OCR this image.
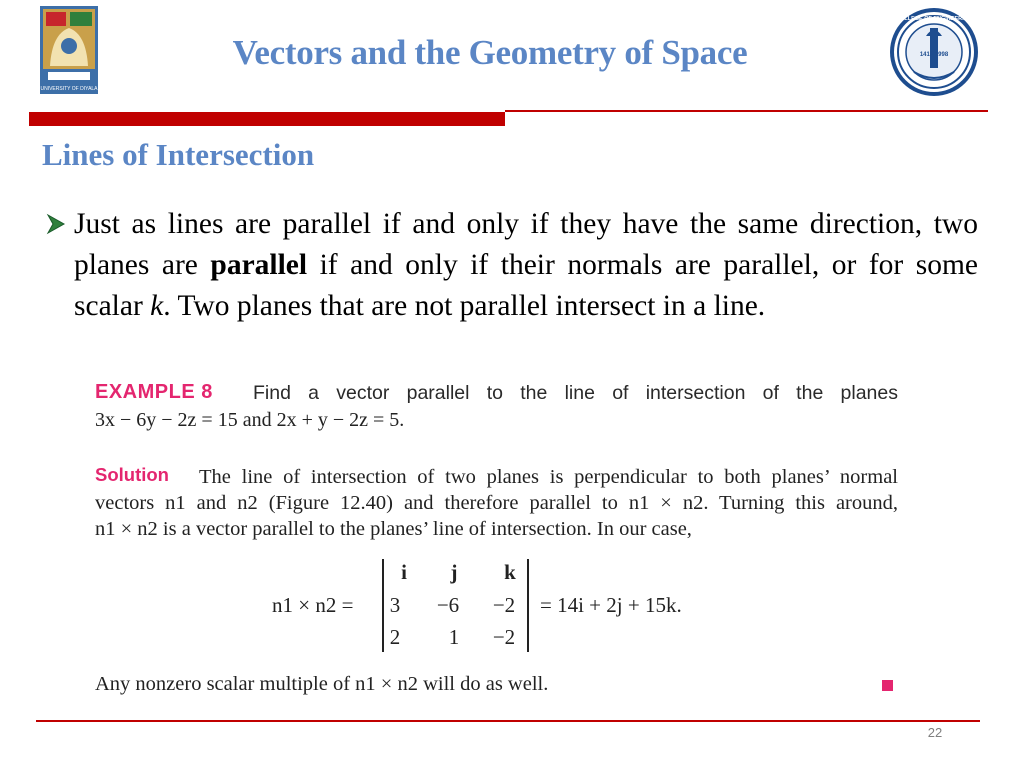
UNIVERSITY OF DIYALA
Vectors and the Geometry of Space	1419 1998
COLLEGE OF ENGINEERING
Lines of Intersection
Just as lines are parallel if and only if they have the same direction, two planes are parallel if and only if their normals are parallel, or for some scalar k. Two planes that are not parallel intersect in a line.
EXAMPLE 8 Find a vector parallel to the line of intersection of the planes
3x − 6y − 2z = 15 and 2x + y − 2z = 5.
Solution	The line of intersection of two planes is perpendicular to both planes’ normal
vectors n1 and n2 (Figure 12.40) and therefore parallel to n1 × n2. Turning this around,
n1 × n2 is a vector parallel to the planes’ line of intersection. In our case,
n1 × n2 =
i	j	k
3	−6	−2
2	1	−2
= 14i + 2j + 15k.
Any nonzero scalar multiple of n1 × n2 will do as well.
22
